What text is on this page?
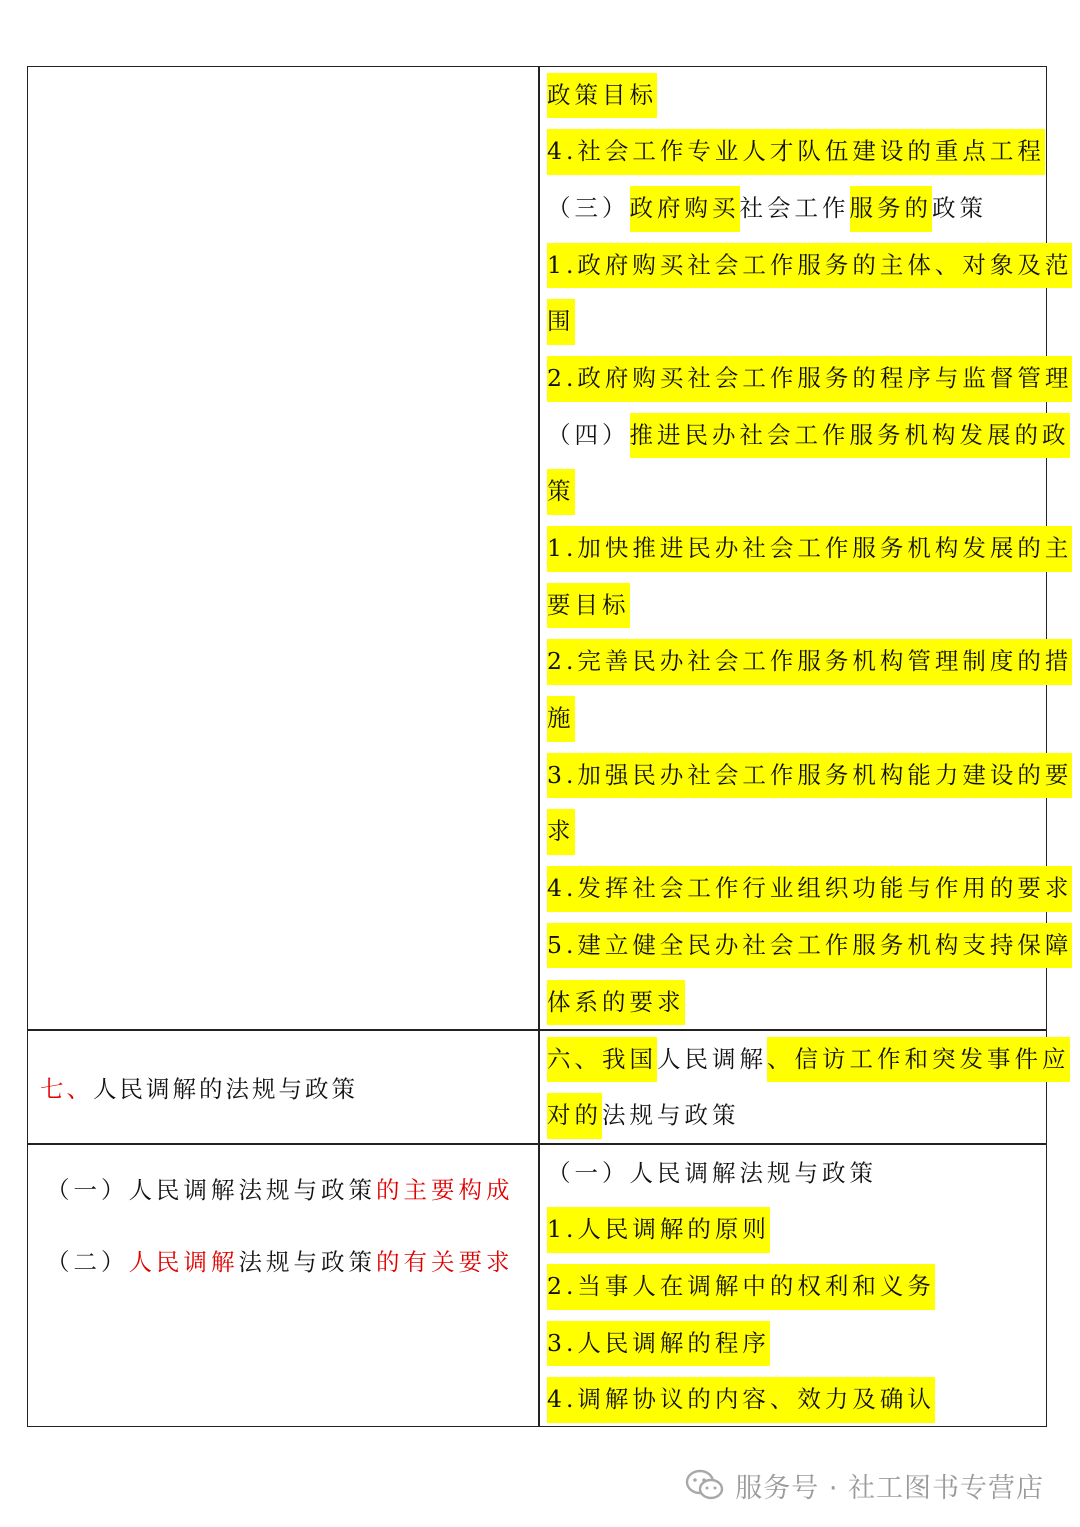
政策目标
4.社会工作专业人才队伍建设的重点工程
（三） 政府购买 社会工作 服务的 政策
1.政府购买社会工作服务的主体、对象及范
围
2.政府购买社会工作服务的程序与监督管理
（四） 推进民办社会工作服务机构发展的政
策
1.加快推进民办社会工作服务机构发展的主
要目标
2.完善民办社会工作服务机构管理制度的措
施
3.加强民办社会工作服务机构能力建设的要
求
4.发挥社会工作行业组织功能与作用的要求
5.建立健全民办社会工作服务机构支持保障
体系的要求
七、 人民调解的法规与政策
六、我国 人民调解 、信访工作和突发事件应
对的 法规与政策
（一）人民调解法规与政策 的主要构成
（二） 人民调解 法规与政策 的有关要求
（一）人民调解法规与政策
1.人民调解的原则
2.当事人在调解中的权利和义务
3.人民调解的程序
4.调解协议的内容、效力及确认
服务号 · 社工图书专营店
